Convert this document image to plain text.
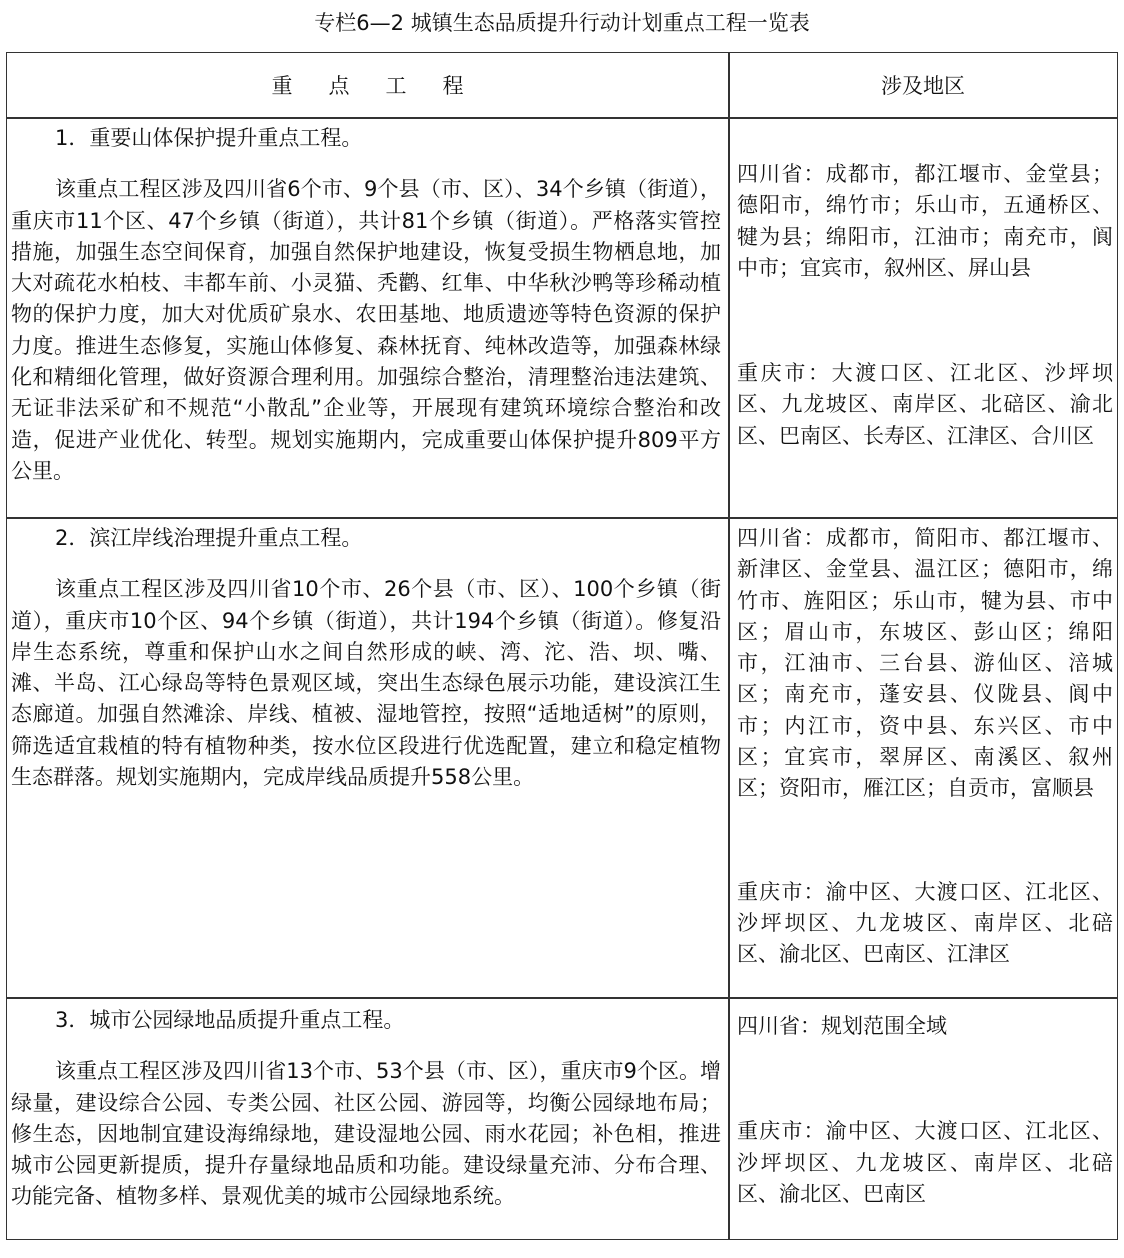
专栏6—2 城镇生态品质提升行动计划重点工程一览表
重点工程	涉及地区

1．重要山体保护提升重点工程。

该重点工程区涉及四川省6个市、9个县（市、区）、34个乡镇（街道），重庆市11个区、47个乡镇（街道），共计81个乡镇（街道）。严格落实管控措施，加强生态空间保育，加强自然保护地建设，恢复受损生物栖息地，加大对疏花水柏枝、丰都车前、小灵猫、秃鹳、红隼、中华秋沙鸭等珍稀动植物的保护力度，加大对优质矿泉水、农田基地、地质遗迹等特色资源的保护力度。推进生态修复，实施山体修复、森林抚育、纯林改造等，加强森林绿化和精细化管理，做好资源合理利用。加强综合整治，清理整治违法建筑、无证非法采矿和不规范“小散乱”企业等，开展现有建筑环境综合整治和改造，促进产业优化、转型。规划实施期内，完成重要山体保护提升809平方公里。

四川省：成都市，都江堰市、金堂县；德阳市，绵竹市；乐山市，五通桥区、犍为县；绵阳市，江油市；南充市，阆中市；宜宾市，叙州区、屏山县

重庆市：大渡口区、江北区、沙坪坝区、九龙坡区、南岸区、北碚区、渝北区、巴南区、长寿区、江津区、合川区

2．滨江岸线治理提升重点工程。

该重点工程区涉及四川省10个市、26个县（市、区）、100个乡镇（街道），重庆市10个区、94个乡镇（街道），共计194个乡镇（街道）。修复沿岸生态系统，尊重和保护山水之间自然形成的峡、湾、沱、浩、坝、嘴、滩、半岛、江心绿岛等特色景观区域，突出生态绿色展示功能，建设滨江生态廊道。加强自然滩涂、岸线、植被、湿地管控，按照“适地适树”的原则，筛选适宜栽植的特有植物种类，按水位区段进行优选配置，建立和稳定植物生态群落。规划实施期内，完成岸线品质提升558公里。

四川省：成都市，简阳市、都江堰市、新津区、金堂县、温江区；德阳市，绵竹市、旌阳区；乐山市，犍为县、市中区；眉山市，东坡区、彭山区；绵阳市，江油市、三台县、游仙区、涪城区；南充市，蓬安县、仪陇县、阆中市；内江市，资中县、东兴区、市中区；宜宾市，翠屏区、南溪区、叙州区；资阳市，雁江区；自贡市，富顺县

重庆市：渝中区、大渡口区、江北区、沙坪坝区、九龙坡区、南岸区、北碚区、渝北区、巴南区、江津区

3．城市公园绿地品质提升重点工程。

该重点工程区涉及四川省13个市、53个县（市、区），重庆市9个区。增绿量，建设综合公园、专类公园、社区公园、游园等，均衡公园绿地布局；修生态，因地制宜建设海绵绿地，建设湿地公园、雨水花园；补色相，推进城市公园更新提质，提升存量绿地品质和功能。建设绿量充沛、分布合理、功能完备、植物多样、景观优美的城市公园绿地系统。

四川省：规划范围全域

重庆市：渝中区、大渡口区、江北区、沙坪坝区、九龙坡区、南岸区、北碚区、渝北区、巴南区
